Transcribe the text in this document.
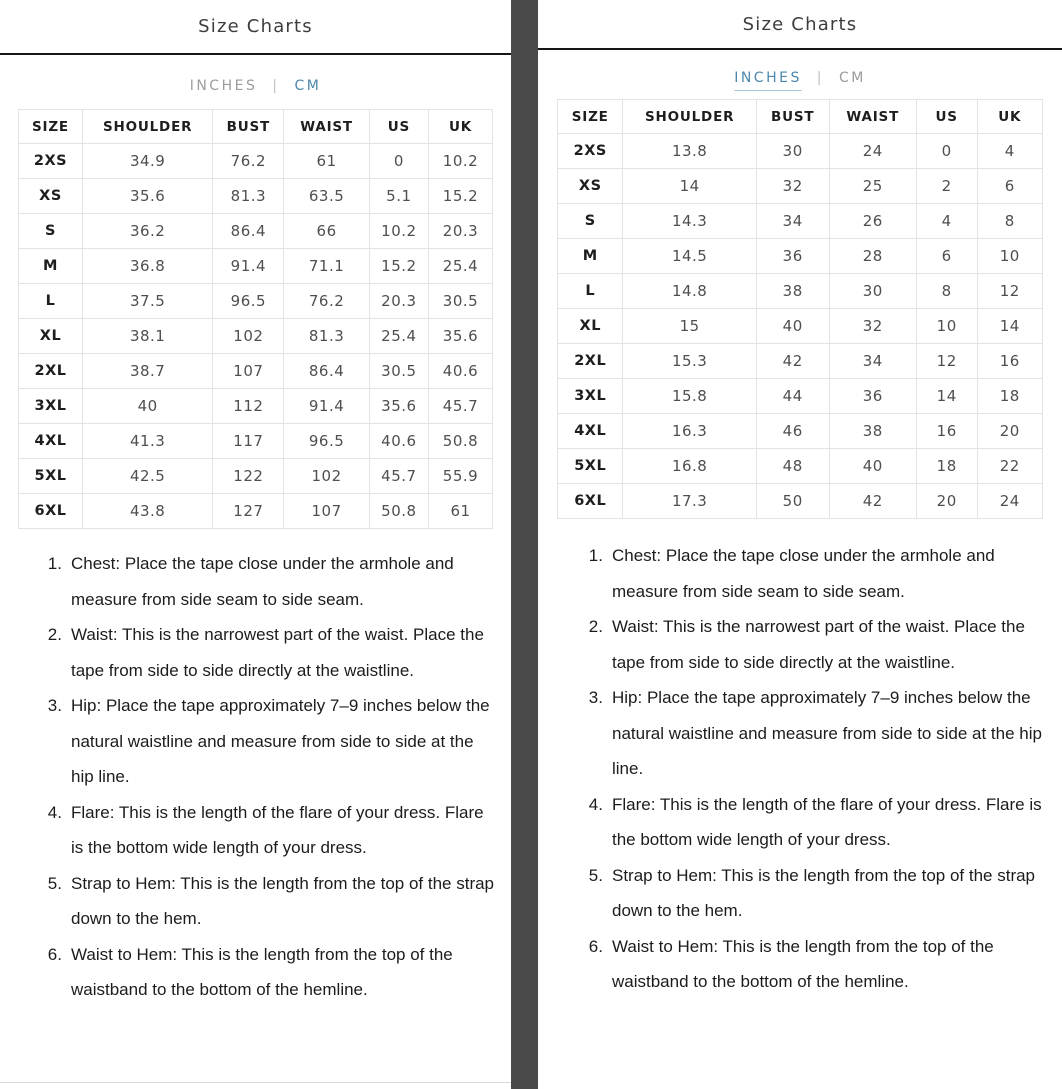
Size Charts
INCHES | CM
SIZE	SHOULDER	BUST	WAIST	US	UK
2XS	34.9	76.2	61	0	10.2
XS	35.6	81.3	63.5	5.1	15.2
S	36.2	86.4	66	10.2	20.3
M	36.8	91.4	71.1	15.2	25.4
L	37.5	96.5	76.2	20.3	30.5
XL	38.1	102	81.3	25.4	35.6
2XL	38.7	107	86.4	30.5	40.6
3XL	40	112	91.4	35.6	45.7
4XL	41.3	117	96.5	40.6	50.8
5XL	42.5	122	102	45.7	55.9
6XL	43.8	127	107	50.8	61
Chest: Place the tape close under the armhole and measure from side seam to side seam.
Waist: This is the narrowest part of the waist. Place the tape from side to side directly at the waistline.
Hip: Place the tape approximately 7–9 inches below the natural waistline and measure from side to side at the hip line.
Flare: This is the length of the flare of your dress. Flare is the bottom wide length of your dress.
Strap to Hem: This is the length from the top of the strap down to the hem.
Waist to Hem: This is the length from the top of the waistband to the bottom of the hemline.
Size Charts
INCHES | CM
SIZE	SHOULDER	BUST	WAIST	US	UK
2XS	13.8	30	24	0	4
XS	14	32	25	2	6
S	14.3	34	26	4	8
M	14.5	36	28	6	10
L	14.8	38	30	8	12
XL	15	40	32	10	14
2XL	15.3	42	34	12	16
3XL	15.8	44	36	14	18
4XL	16.3	46	38	16	20
5XL	16.8	48	40	18	22
6XL	17.3	50	42	20	24
Chest: Place the tape close under the armhole and measure from side seam to side seam.
Waist: This is the narrowest part of the waist. Place the tape from side to side directly at the waistline.
Hip: Place the tape approximately 7–9 inches below the natural waistline and measure from side to side at the hip line.
Flare: This is the length of the flare of your dress. Flare is the bottom wide length of your dress.
Strap to Hem: This is the length from the top of the strap down to the hem.
Waist to Hem: This is the length from the top of the waistband to the bottom of the hemline.
